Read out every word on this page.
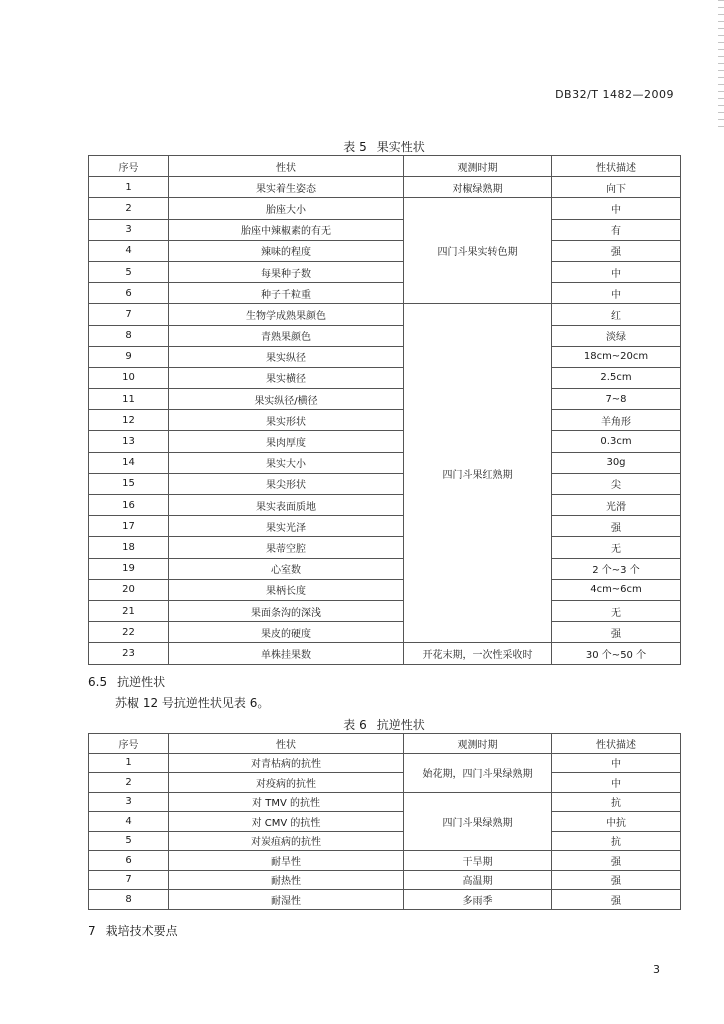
DB32/T 1482—2009
表 5 果实性状
序号	性状	观测时期	性状描述
1	果实着生姿态	对椒绿熟期	向下
2	胎座大小	四门斗果实转色期	中
3	胎座中辣椒素的有无		有
4	辣味的程度		强
5	每果种子数		中
6	种子千粒重		中
7	生物学成熟果颜色	四门斗果红熟期	红
8	青熟果颜色		淡绿
9	果实纵径		18cm~20cm
10	果实横径		2.5cm
11	果实纵径/横径		7~8
12	果实形状		羊角形
13	果肉厚度		0.3cm
14	果实大小		30g
15	果尖形状		尖
16	果实表面质地		光滑
17	果实光泽		强
18	果蒂空腔		无
19	心室数		2 个~3 个
20	果柄长度		4cm~6cm
21	果面条沟的深浅		无
22	果皮的硬度		强
23	单株挂果数	开花末期，一次性采收时	30 个~50 个
6.5 抗逆性状
苏椒 12 号抗逆性状见表 6。
表 6 抗逆性状
序号	性状	观测时期	性状描述
1	对青枯病的抗性	始花期，四门斗果绿熟期	中
2	对疫病的抗性		中
3	对 TMV 的抗性	四门斗果绿熟期	抗
4	对 CMV 的抗性		中抗
5	对炭疽病的抗性		抗
6	耐旱性	干旱期	强
7	耐热性	高温期	强
8	耐湿性	多雨季	强
7 栽培技术要点
3
